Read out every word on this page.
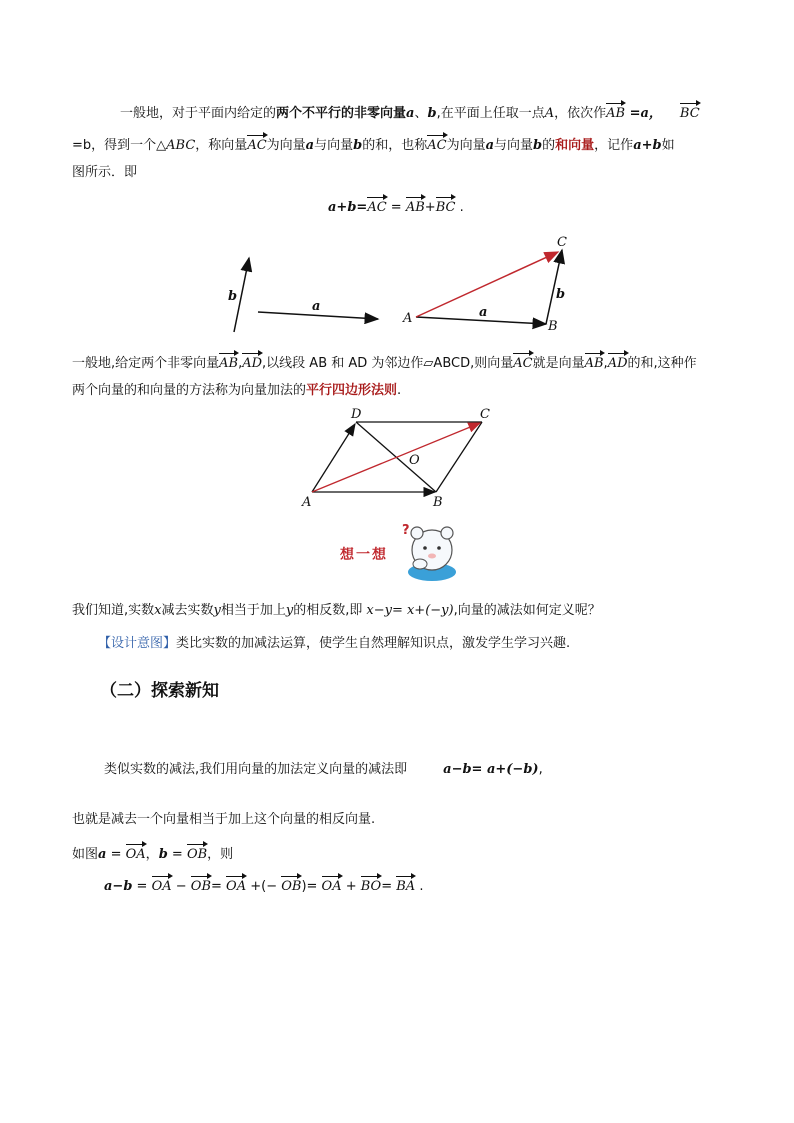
一般地，对于平面内给定的两个不平行的非零向量a、b,在平面上任取一点A，依次作AB =a， BC
=b，得到一个△ABC，称向量AC为向量a与向量b的和，也称AC为向量a与向量b的和向量，记作a+b如
图所示．即
a+b=AC = AB+BC .
b
a	a
b
A
B
C
一般地,给定两个非零向量AB,AD,以线段 AB 和 AD 为邻边作▱ABCD,则向量AC就是向量AB,AD的和,这种作
两个向量的和向量的方法称为向量加法的平行四边形法则.
D	C
O
A	B
想一想
?
我们知道,实数x减去实数y相当于加上y的相反数,即 x−y= x+(−y),向量的减法如何定义呢？
【设计意图】类比实数的加减法运算，使学生自然理解知识点，激发学生学习兴趣.
（二）探索新知
类似实数的减法,我们用向量的加法定义向量的减法即	a−b= a+(−b),
也就是减去一个向量相当于加上这个向量的相反向量.
如图a = OA，b = OB，则
a−b = OA − OB= OA +(− OB)= OA + BO= BA .
